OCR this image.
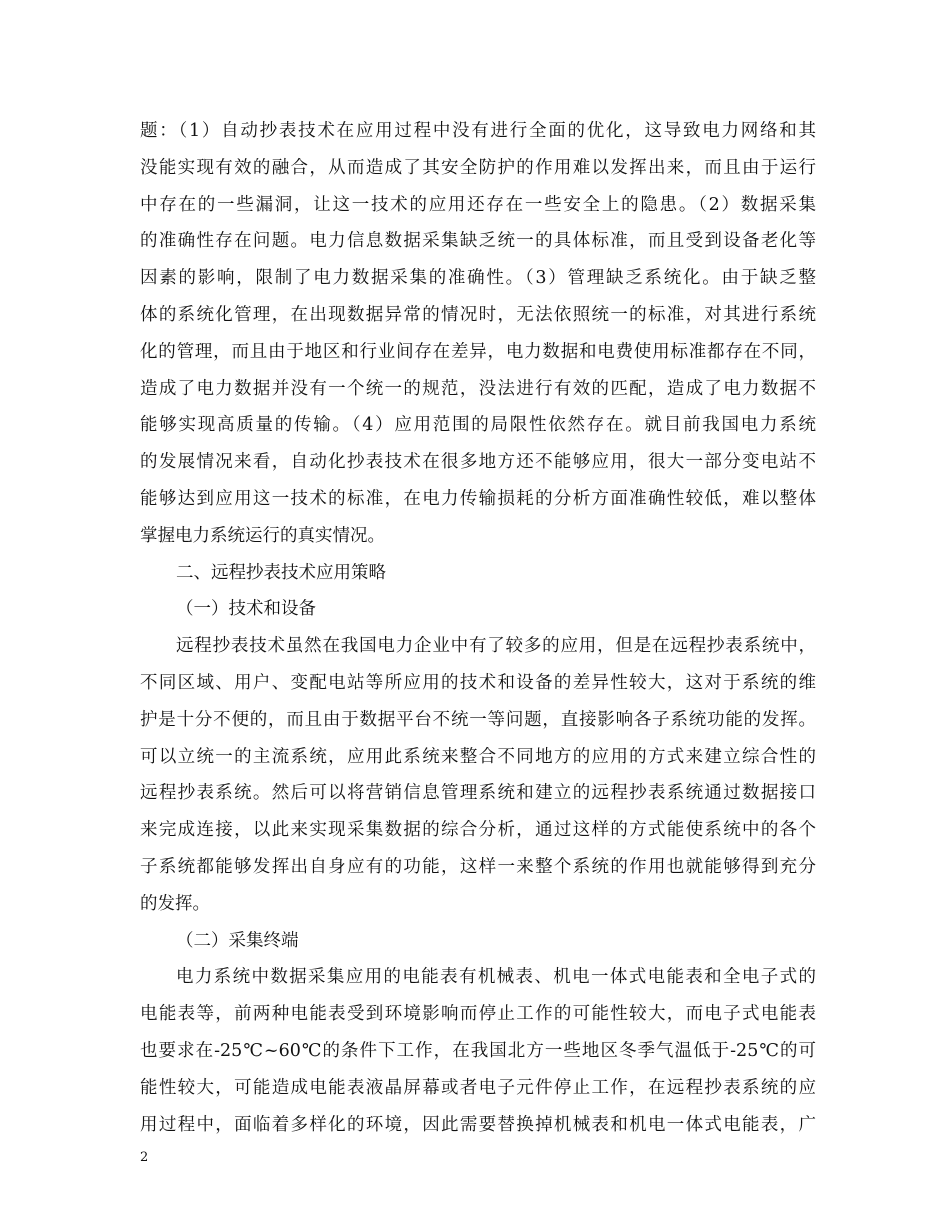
题：（1）自动抄表技术在应用过程中没有进行全面的优化，这导致电力网络和其
没能实现有效的融合，从而造成了其安全防护的作用难以发挥出来，而且由于运行
中存在的一些漏洞，让这一技术的应用还存在一些安全上的隐患。（2）数据采集
的准确性存在问题。电力信息数据采集缺乏统一的具体标准，而且受到设备老化等
因素的影响，限制了电力数据采集的准确性。（3）管理缺乏系统化。由于缺乏整
体的系统化管理，在出现数据异常的情况时，无法依照统一的标准，对其进行系统
化的管理，而且由于地区和行业间存在差异，电力数据和电费使用标准都存在不同，
造成了电力数据并没有一个统一的规范，没法进行有效的匹配，造成了电力数据不
能够实现高质量的传输。（4）应用范围的局限性依然存在。就目前我国电力系统
的发展情况来看，自动化抄表技术在很多地方还不能够应用，很大一部分变电站不
能够达到应用这一技术的标准，在电力传输损耗的分析方面准确性较低，难以整体
掌握电力系统运行的真实情况。
二、远程抄表技术应用策略
（一）技术和设备
远程抄表技术虽然在我国电力企业中有了较多的应用，但是在远程抄表系统中，
不同区域、用户、变配电站等所应用的技术和设备的差异性较大，这对于系统的维
护是十分不便的，而且由于数据平台不统一等问题，直接影响各子系统功能的发挥。
可以立统一的主流系统，应用此系统来整合不同地方的应用的方式来建立综合性的
远程抄表系统。然后可以将营销信息管理系统和建立的远程抄表系统通过数据接口
来完成连接，以此来实现采集数据的综合分析，通过这样的方式能使系统中的各个
子系统都能够发挥出自身应有的功能，这样一来整个系统的作用也就能够得到充分
的发挥。
（二）采集终端
电力系统中数据采集应用的电能表有机械表、机电一体式电能表和全电子式的
电能表等，前两种电能表受到环境影响而停止工作的可能性较大，而电子式电能表
也要求在-25℃~60℃的条件下工作，在我国北方一些地区冬季气温低于-25℃的可
能性较大，可能造成电能表液晶屏幕或者电子元件停止工作，在远程抄表系统的应
用过程中，面临着多样化的环境，因此需要替换掉机械表和机电一体式电能表，广
2
